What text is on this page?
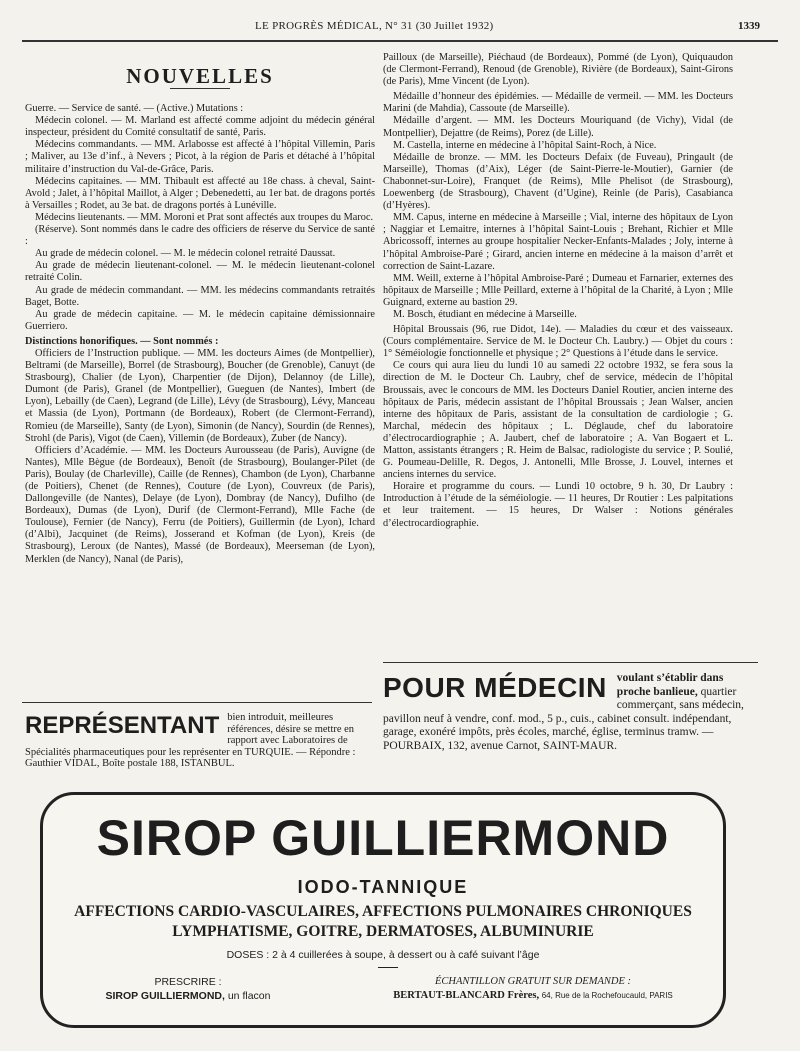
LE PROGRÈS MÉDICAL, N° 31 (30 Juillet 1932)	1339
NOUVELLES

Guerre. — Service de santé. — (Active.) Mutations :

Médecin colonel. — M. Marland est affecté comme adjoint du médecin général inspecteur, président du Comité consultatif de santé, Paris.

Médecins commandants. — MM. Arlabosse est affecté à l’hôpital Villemin, Paris ; Maliver, au 13e d’inf., à Nevers ; Picot, à la région de Paris et détaché à l’hôpital militaire d’instruction du Val-de-Grâce, Paris.

Médecins capitaines. — MM. Thibault est affecté au 18e chass. à cheval, Saint-Avold ; Jalet, à l’hôpital Maillot, à Alger ; Debenedetti, au 1er bat. de dragons portés à Versailles ; Rodet, au 3e bat. de dragons portés à Lunéville.

Médecins lieutenants. — MM. Moroni et Prat sont affectés aux troupes du Maroc.

(Réserve). Sont nommés dans le cadre des officiers de réserve du Service de santé :

Au grade de médecin colonel. — M. le médecin colonel retraité Daussat.

Au grade de médecin lieutenant-colonel. — M. le médecin lieutenant-colonel retraité Colin.

Au grade de médecin commandant. — MM. les médecins commandants retraités Baget, Botte.

Au grade de médecin capitaine. — M. le médecin capitaine démissionnaire Guerriero.

Distinctions honorifiques. — Sont nommés :

Officiers de l’Instruction publique. — MM. les docteurs Aimes (de Montpellier), Beltrami (de Marseille), Borrel (de Strasbourg), Boucher (de Grenoble), Canuyt (de Strasbourg), Chalier (de Lyon), Charpentier (de Dijon), Delannoy (de Lille), Dumont (de Paris), Granel (de Montpellier), Gueguen (de Nantes), Imbert (de Lyon), Lebailly (de Caen), Legrand (de Lille), Lévy (de Strasbourg), Lévy, Manceau et Massia (de Lyon), Portmann (de Bordeaux), Robert (de Clermont-Ferrand), Romieu (de Marseille), Santy (de Lyon), Simonin (de Nancy), Sourdin (de Rennes), Strohl (de Paris), Vigot (de Caen), Villemin (de Bordeaux), Zuber (de Nancy).

Officiers d’Académie. — MM. les Docteurs Aurousseau (de Paris), Auvigne (de Nantes), Mlle Bègue (de Bordeaux), Benoît (de Strasbourg), Boulanger-Pilet (de Paris), Boulay (de Charleville), Caille (de Rennes), Chambon (de Lyon), Charbanne (de Poitiers), Chenet (de Rennes), Couture (de Lyon), Couvreux (de Paris), Dallongeville (de Nantes), Delaye (de Lyon), Dombray (de Nancy), Dufilho (de Bordeaux), Dumas (de Lyon), Durif (de Clermont-Ferrand), Mlle Fache (de Toulouse), Fernier (de Nancy), Ferru (de Poitiers), Guillermin (de Lyon), Ichard (d’Albi), Jacquinet (de Reims), Josserand et Kofman (de Lyon), Kreis (de Strasbourg), Leroux (de Nantes), Massé (de Bordeaux), Meerseman (de Lyon), Merklen (de Nancy), Nanal (de Paris),

Pailloux (de Marseille), Piéchaud (de Bordeaux), Pommé (de Lyon), Quiquaudon (de Clermont-Ferrand), Renoud (de Grenoble), Rivière (de Bordeaux), Saint-Girons (de Paris), Mme Vincent (de Lyon).

Médaille d’honneur des épidémies. — Médaille de vermeil. — MM. les Docteurs Marini (de Mahdia), Cassoute (de Marseille).

Médaille d’argent. — MM. les Docteurs Mouriquand (de Vichy), Vidal (de Montpellier), Dejattre (de Reims), Porez (de Lille).

M. Castella, interne en médecine à l’hôpital Saint-Roch, à Nice.

Médaille de bronze. — MM. les Docteurs Defaix (de Fuveau), Pringault (de Marseille), Thomas (d’Aix), Léger (de Saint-Pierre-le-Moutier), Garnier (de Chabonnet-sur-Loire), Franquet (de Reims), Mlle Phelisot (de Strasbourg), Loewenberg (de Strasbourg), Chavent (d’Ugine), Reinle (de Paris), Casabianca (d’Hyères).

MM. Capus, interne en médecine à Marseille ; Vial, interne des hôpitaux de Lyon ; Naggiar et Lemaitre, internes à l’hôpital Saint-Louis ; Brehant, Richier et Mlle Abricossoff, internes au groupe hospitalier Necker-Enfants-Malades ; Joly, interne à l’hôpital Ambroise-Paré ; Girard, ancien interne en médecine à la maison d’arrêt et correction de Saint-Lazare.

MM. Weill, externe à l’hôpital Ambroise-Paré ; Dumeau et Farnarier, externes des hôpitaux de Marseille ; Mlle Peillard, externe à l’hôpital de la Charité, à Lyon ; Mlle Guignard, externe au bastion 29.

M. Bosch, étudiant en médecine à Marseille.

Hôpital Broussais (96, rue Didot, 14e). — Maladies du cœur et des vaisseaux. (Cours complémentaire. Service de M. le Docteur Ch. Laubry.) — Objet du cours : 1° Séméiologie fonctionnelle et physique ; 2° Questions à l’étude dans le service.

Ce cours qui aura lieu du lundi 10 au samedi 22 octobre 1932, se fera sous la direction de M. le Docteur Ch. Laubry, chef de service, médecin de l’hôpital Broussais, avec le concours de MM. les Docteurs Daniel Routier, ancien interne des hôpitaux de Paris, médecin assistant de l’hôpital Broussais ; Jean Walser, ancien interne des hôpitaux de Paris, assistant de la consultation de cardiologie ; G. Marchal, médecin des hôpitaux ; L. Déglaude, chef du laboratoire d’électrocardiographie ; A. Jaubert, chef de laboratoire ; A. Van Bogaert et L. Matton, assistants étrangers ; R. Heim de Balsac, radiologiste du service ; P. Soulié, G. Poumeau-Delille, R. Degos, J. Antonelli, Mlle Brosse, J. Louvel, internes et anciens internes du service.

Horaire et programme du cours. — Lundi 10 octobre, 9 h. 30, Dr Laubry : Introduction à l’étude de la séméiologie. — 11 heures, Dr Routier : Les palpitations et leur traitement. — 15 heures, Dr Walser : Notions générales d’électrocardiographie.

POUR MÉDECIN voulant s’établir dans proche banlieue, quartier commerçant, sans médecin, pavillon neuf à vendre, conf. mod., 5 p., cuis., cabinet consult. indépendant, garage, exonéré impôts, près écoles, marché, église, terminus tramw. — POURBAIX, 132, avenue Carnot, SAINT-MAUR.
REPRÉSENTANT bien introduit, meilleures références, désire se mettre en rapport avec Laboratoires de Spécialités pharmaceutiques pour les représenter en TURQUIE. — Répondre : Gauthier VIDAL, Boîte postale 188, ISTANBUL.
SIROP GUILLIERMOND
IODO-TANNIQUE
AFFECTIONS CARDIO-VASCULAIRES, AFFECTIONS PULMONAIRES CHRONIQUES
LYMPHATISME, GOITRE, DERMATOSES, ALBUMINURIE
DOSES : 2 à 4 cuillerées à soupe, à dessert ou à café suivant l’âge
PRESCRIRE :
SIROP GUILLIERMOND, un flacon
ÉCHANTILLON GRATUIT SUR DEMANDE :
BERTAUT-BLANCARD Frères, 64, Rue de la Rochefoucauld, PARIS
